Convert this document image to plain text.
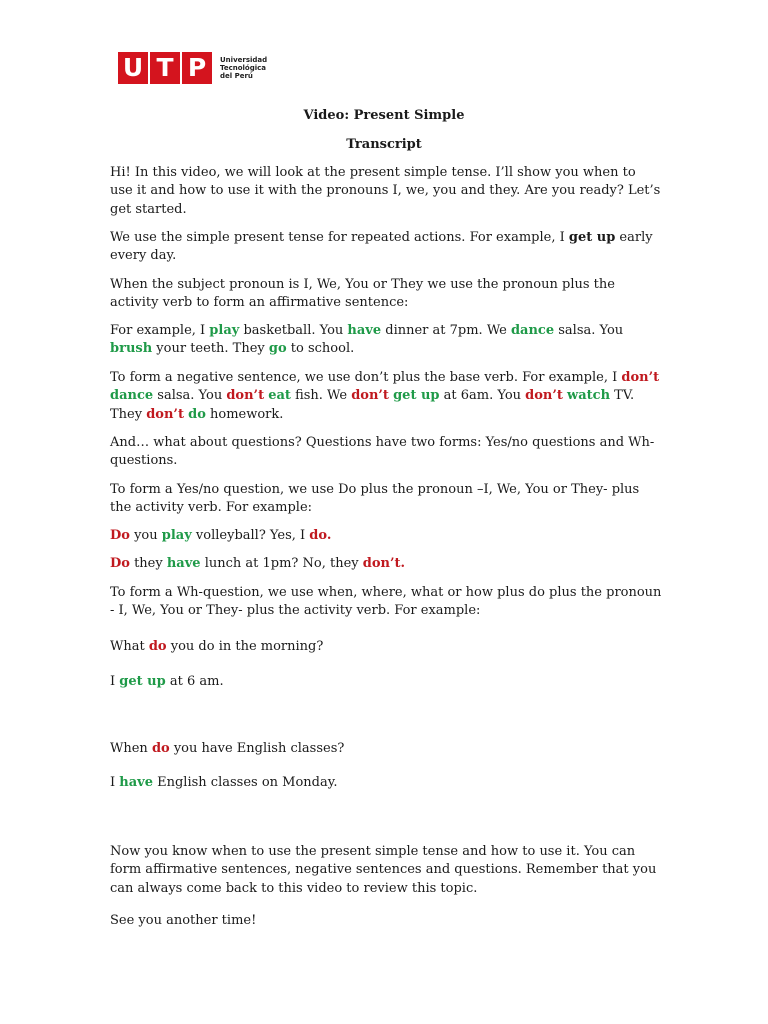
U T P	Universidad
Tecnológica
del Perú
Video: Present Simple
Transcript

Hi! In this video, we will look at the present simple tense. I’ll show you when to use it and how to use it with the pronouns I, we, you and they. Are you ready? Let’s get started.

We use the simple present tense for repeated actions. For example, I get up early every day.

When the subject pronoun is I, We, You or They we use the pronoun plus the activity verb to form an affirmative sentence:

For example, I play basketball. You have dinner at 7pm. We dance salsa. You brush your teeth. They go to school.

To form a negative sentence, we use don’t plus the base verb. For example, I don’t dance salsa. You don’t eat fish. We don’t get up at 6am. You don’t watch TV. They don’t do homework.

And… what about questions? Questions have two forms: Yes/no questions and Wh-questions.

To form a Yes/no question, we use Do plus the pronoun –I, We, You or They- plus the activity verb. For example:

Do you play volleyball? Yes, I do.

Do they have lunch at 1pm? No, they don’t.

To form a Wh-question, we use when, where, what or how plus do plus the pronoun - I, We, You or They- plus the activity verb. For example:

What do you do in the morning?

I get up at 6 am.

When do you have English classes?

I have English classes on Monday.

Now you know when to use the present simple tense and how to use it. You can form affirmative sentences, negative sentences and questions. Remember that you can always come back to this video to review this topic.

See you another time!
